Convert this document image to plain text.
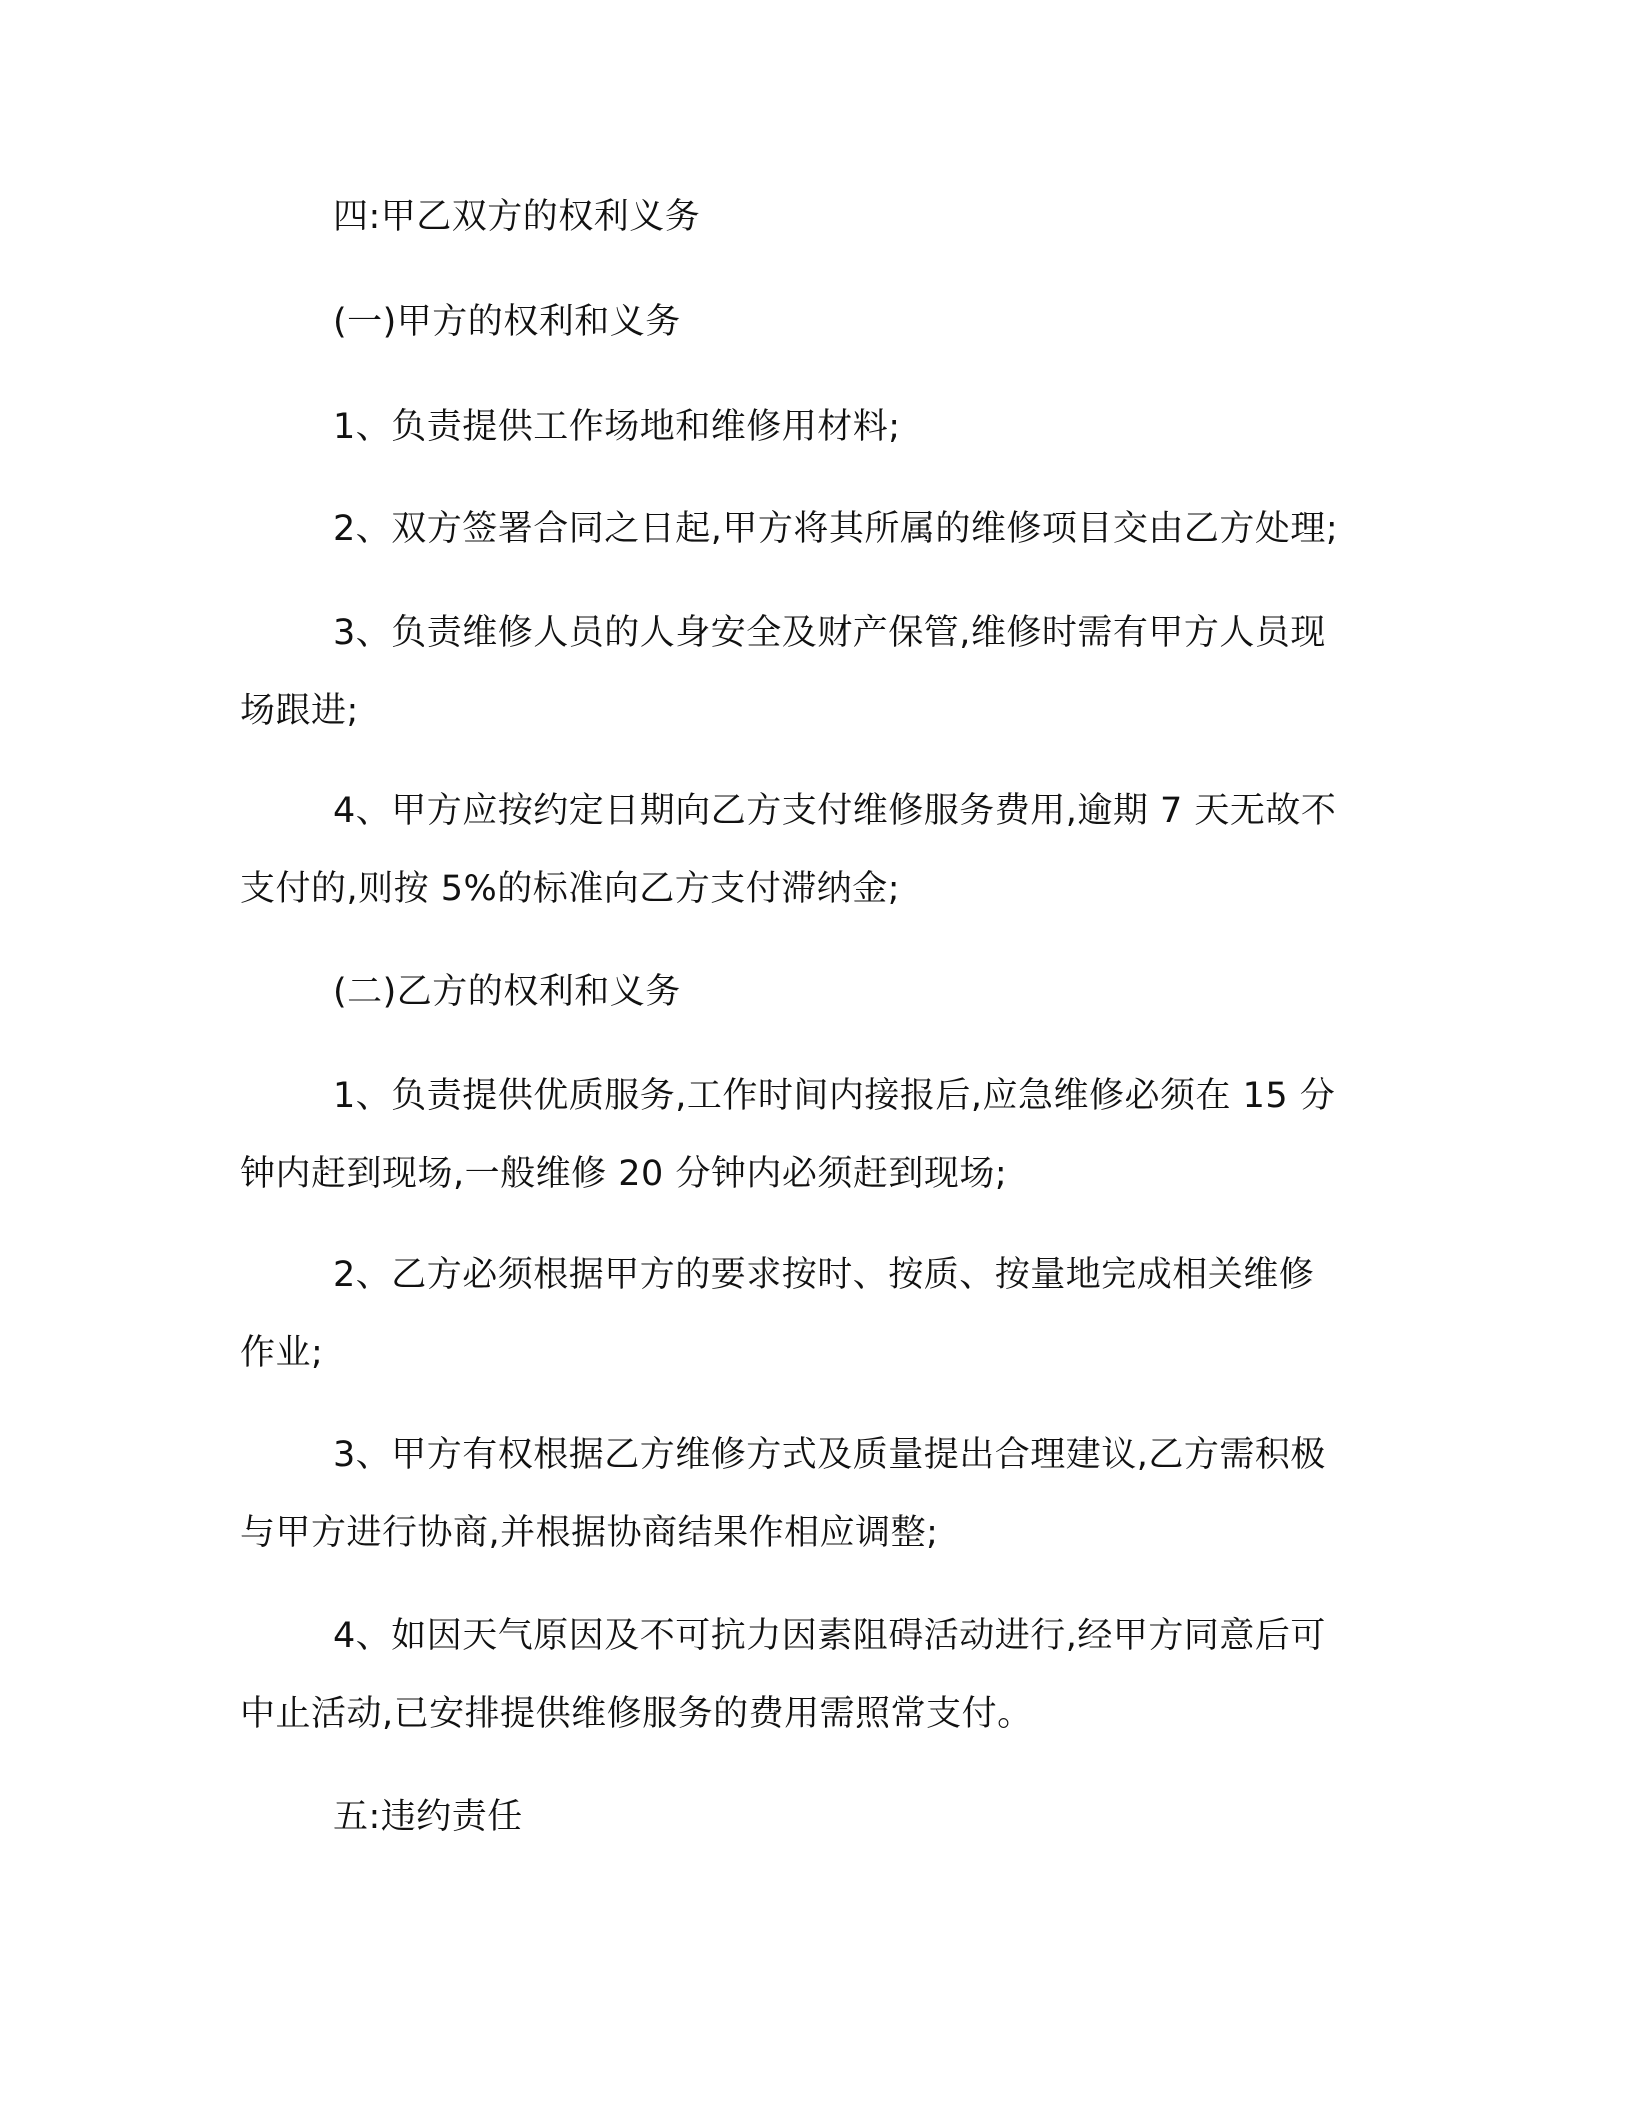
四:甲乙双方的权利义务

(一)甲方的权利和义务

1、负责提供工作场地和维修用材料;

2、双方签署合同之日起,甲方将其所属的维修项目交由乙方处理;

3、负责维修人员的人身安全及财产保管,维修时需有甲方人员现
场跟进;

4、甲方应按约定日期向乙方支付维修服务费用,逾期 7 天无故不
支付的,则按 5%的标准向乙方支付滞纳金;

(二)乙方的权利和义务

1、负责提供优质服务,工作时间内接报后,应急维修必须在 15 分
钟内赶到现场,一般维修 20 分钟内必须赶到现场;

2、乙方必须根据甲方的要求按时、按质、按量地完成相关维修
作业;

3、甲方有权根据乙方维修方式及质量提出合理建议,乙方需积极
与甲方进行协商,并根据协商结果作相应调整;

4、如因天气原因及不可抗力因素阻碍活动进行,经甲方同意后可
中止活动,已安排提供维修服务的费用需照常支付。

五:违约责任
